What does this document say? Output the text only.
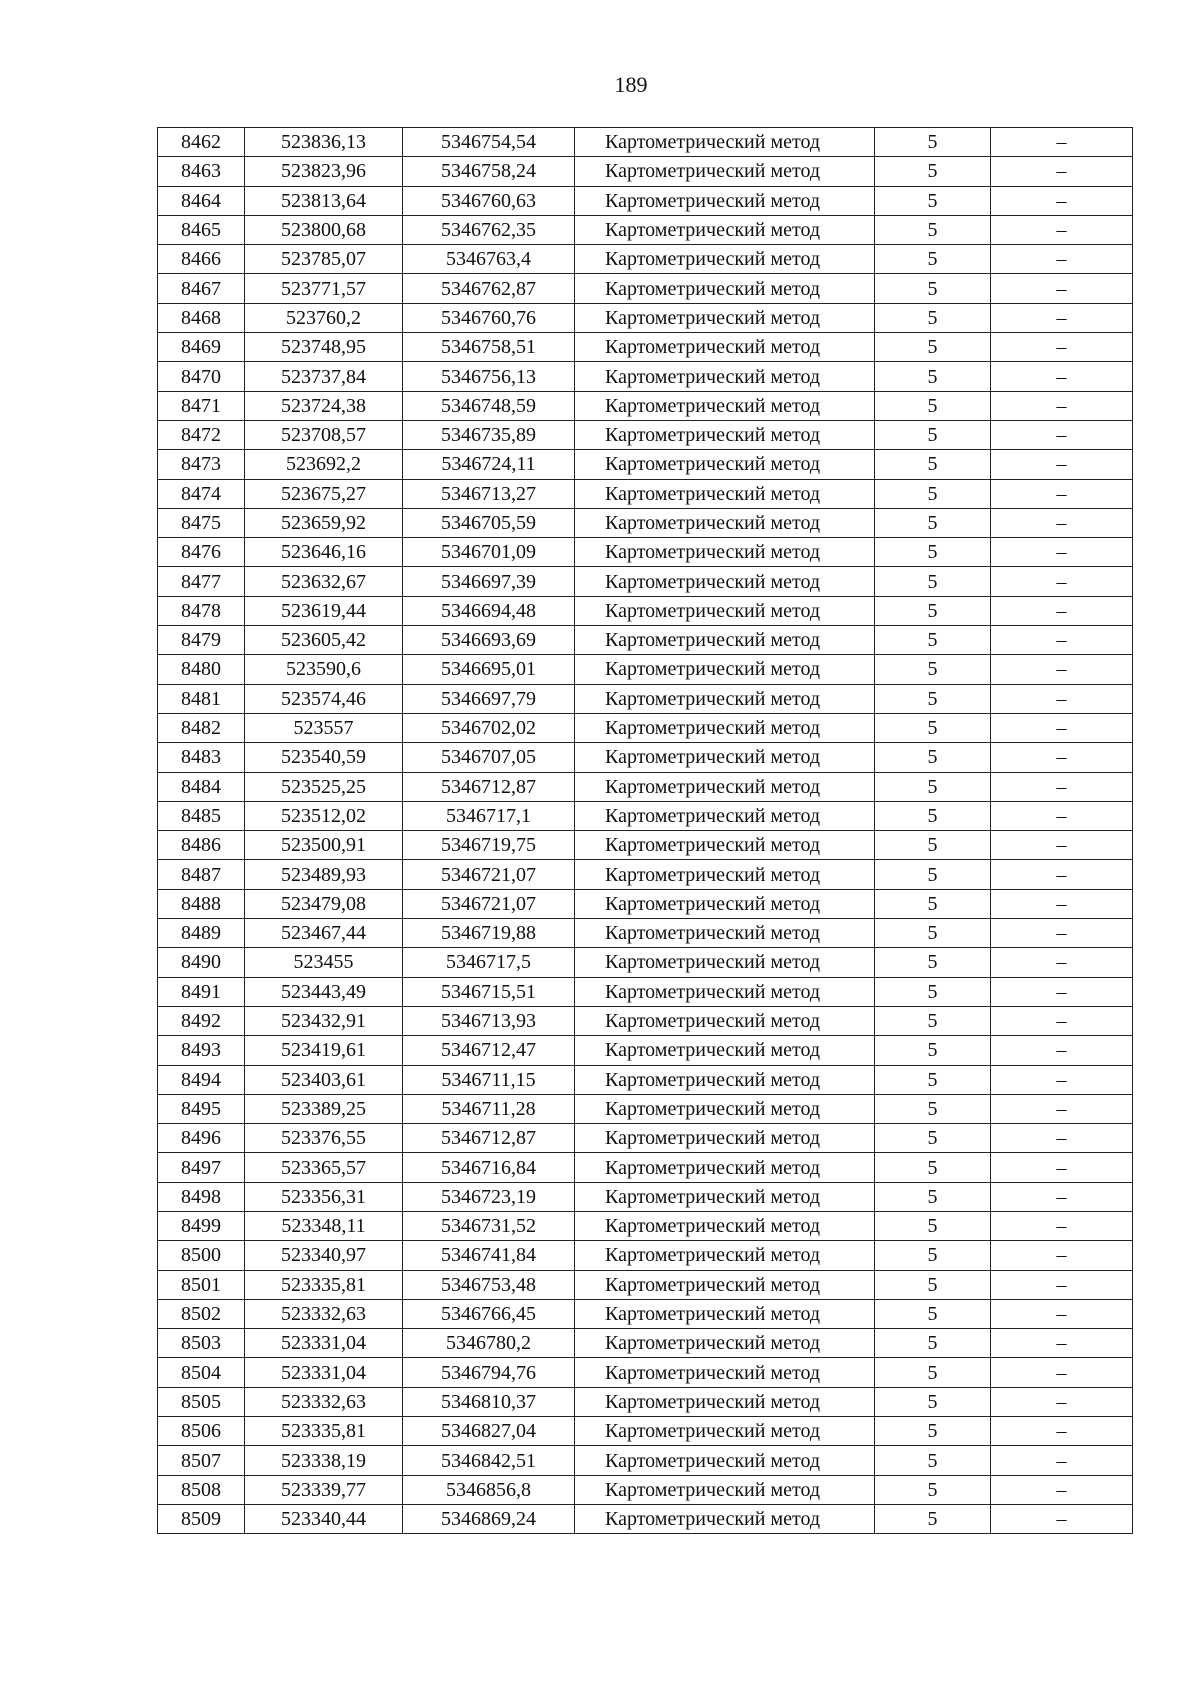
189
8462	523836,13	5346754,54	Картометрический метод	5	–
8463	523823,96	5346758,24	Картометрический метод	5	–
8464	523813,64	5346760,63	Картометрический метод	5	–
8465	523800,68	5346762,35	Картометрический метод	5	–
8466	523785,07	5346763,4	Картометрический метод	5	–
8467	523771,57	5346762,87	Картометрический метод	5	–
8468	523760,2	5346760,76	Картометрический метод	5	–
8469	523748,95	5346758,51	Картометрический метод	5	–
8470	523737,84	5346756,13	Картометрический метод	5	–
8471	523724,38	5346748,59	Картометрический метод	5	–
8472	523708,57	5346735,89	Картометрический метод	5	–
8473	523692,2	5346724,11	Картометрический метод	5	–
8474	523675,27	5346713,27	Картометрический метод	5	–
8475	523659,92	5346705,59	Картометрический метод	5	–
8476	523646,16	5346701,09	Картометрический метод	5	–
8477	523632,67	5346697,39	Картометрический метод	5	–
8478	523619,44	5346694,48	Картометрический метод	5	–
8479	523605,42	5346693,69	Картометрический метод	5	–
8480	523590,6	5346695,01	Картометрический метод	5	–
8481	523574,46	5346697,79	Картометрический метод	5	–
8482	523557	5346702,02	Картометрический метод	5	–
8483	523540,59	5346707,05	Картометрический метод	5	–
8484	523525,25	5346712,87	Картометрический метод	5	–
8485	523512,02	5346717,1	Картометрический метод	5	–
8486	523500,91	5346719,75	Картометрический метод	5	–
8487	523489,93	5346721,07	Картометрический метод	5	–
8488	523479,08	5346721,07	Картометрический метод	5	–
8489	523467,44	5346719,88	Картометрический метод	5	–
8490	523455	5346717,5	Картометрический метод	5	–
8491	523443,49	5346715,51	Картометрический метод	5	–
8492	523432,91	5346713,93	Картометрический метод	5	–
8493	523419,61	5346712,47	Картометрический метод	5	–
8494	523403,61	5346711,15	Картометрический метод	5	–
8495	523389,25	5346711,28	Картометрический метод	5	–
8496	523376,55	5346712,87	Картометрический метод	5	–
8497	523365,57	5346716,84	Картометрический метод	5	–
8498	523356,31	5346723,19	Картометрический метод	5	–
8499	523348,11	5346731,52	Картометрический метод	5	–
8500	523340,97	5346741,84	Картометрический метод	5	–
8501	523335,81	5346753,48	Картометрический метод	5	–
8502	523332,63	5346766,45	Картометрический метод	5	–
8503	523331,04	5346780,2	Картометрический метод	5	–
8504	523331,04	5346794,76	Картометрический метод	5	–
8505	523332,63	5346810,37	Картометрический метод	5	–
8506	523335,81	5346827,04	Картометрический метод	5	–
8507	523338,19	5346842,51	Картометрический метод	5	–
8508	523339,77	5346856,8	Картометрический метод	5	–
8509	523340,44	5346869,24	Картометрический метод	5	–
